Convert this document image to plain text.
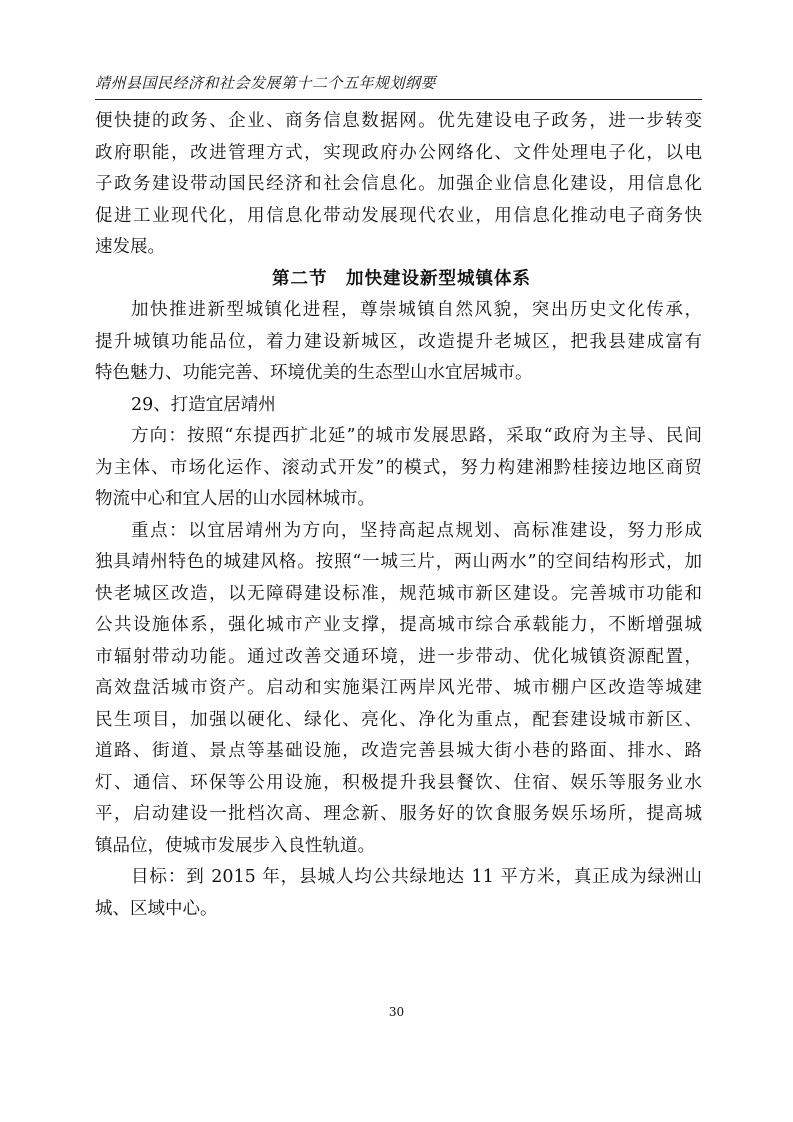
靖州县国民经济和社会发展第十二个五年规划纲要
便快捷的政务、企业、商务信息数据网。优先建设电子政务，进一步转变
政府职能，改进管理方式，实现政府办公网络化、文件处理电子化，以电
子政务建设带动国民经济和社会信息化。加强企业信息化建设，用信息化
促进工业现代化，用信息化带动发展现代农业，用信息化推动电子商务快
速发展。
第二节　加快建设新型城镇体系
加快推进新型城镇化进程，尊崇城镇自然风貌，突出历史文化传承，
提升城镇功能品位，着力建设新城区，改造提升老城区，把我县建成富有
特色魅力、功能完善、环境优美的生态型山水宜居城市。
29、打造宜居靖州
方向：按照“东提西扩北延”的城市发展思路，采取“政府为主导、民间
为主体、市场化运作、滚动式开发”的模式，努力构建湘黔桂接边地区商贸
物流中心和宜人居的山水园林城市。
重点：以宜居靖州为方向，坚持高起点规划、高标准建设，努力形成
独具靖州特色的城建风格。按照“一城三片，两山两水”的空间结构形式，加
快老城区改造，以无障碍建设标准，规范城市新区建设。完善城市功能和
公共设施体系，强化城市产业支撑，提高城市综合承载能力，不断增强城
市辐射带动功能。通过改善交通环境，进一步带动、优化城镇资源配置，
高效盘活城市资产。启动和实施渠江两岸风光带、城市棚户区改造等城建
民生项目，加强以硬化、绿化、亮化、净化为重点，配套建设城市新区、
道路、街道、景点等基础设施，改造完善县城大街小巷的路面、排水、路
灯、通信、环保等公用设施，积极提升我县餐饮、住宿、娱乐等服务业水
平，启动建设一批档次高、理念新、服务好的饮食服务娱乐场所，提高城
镇品位，使城市发展步入良性轨道。
目标：到 2015 年，县城人均公共绿地达 11 平方米，真正成为绿洲山
城、区域中心。
30
